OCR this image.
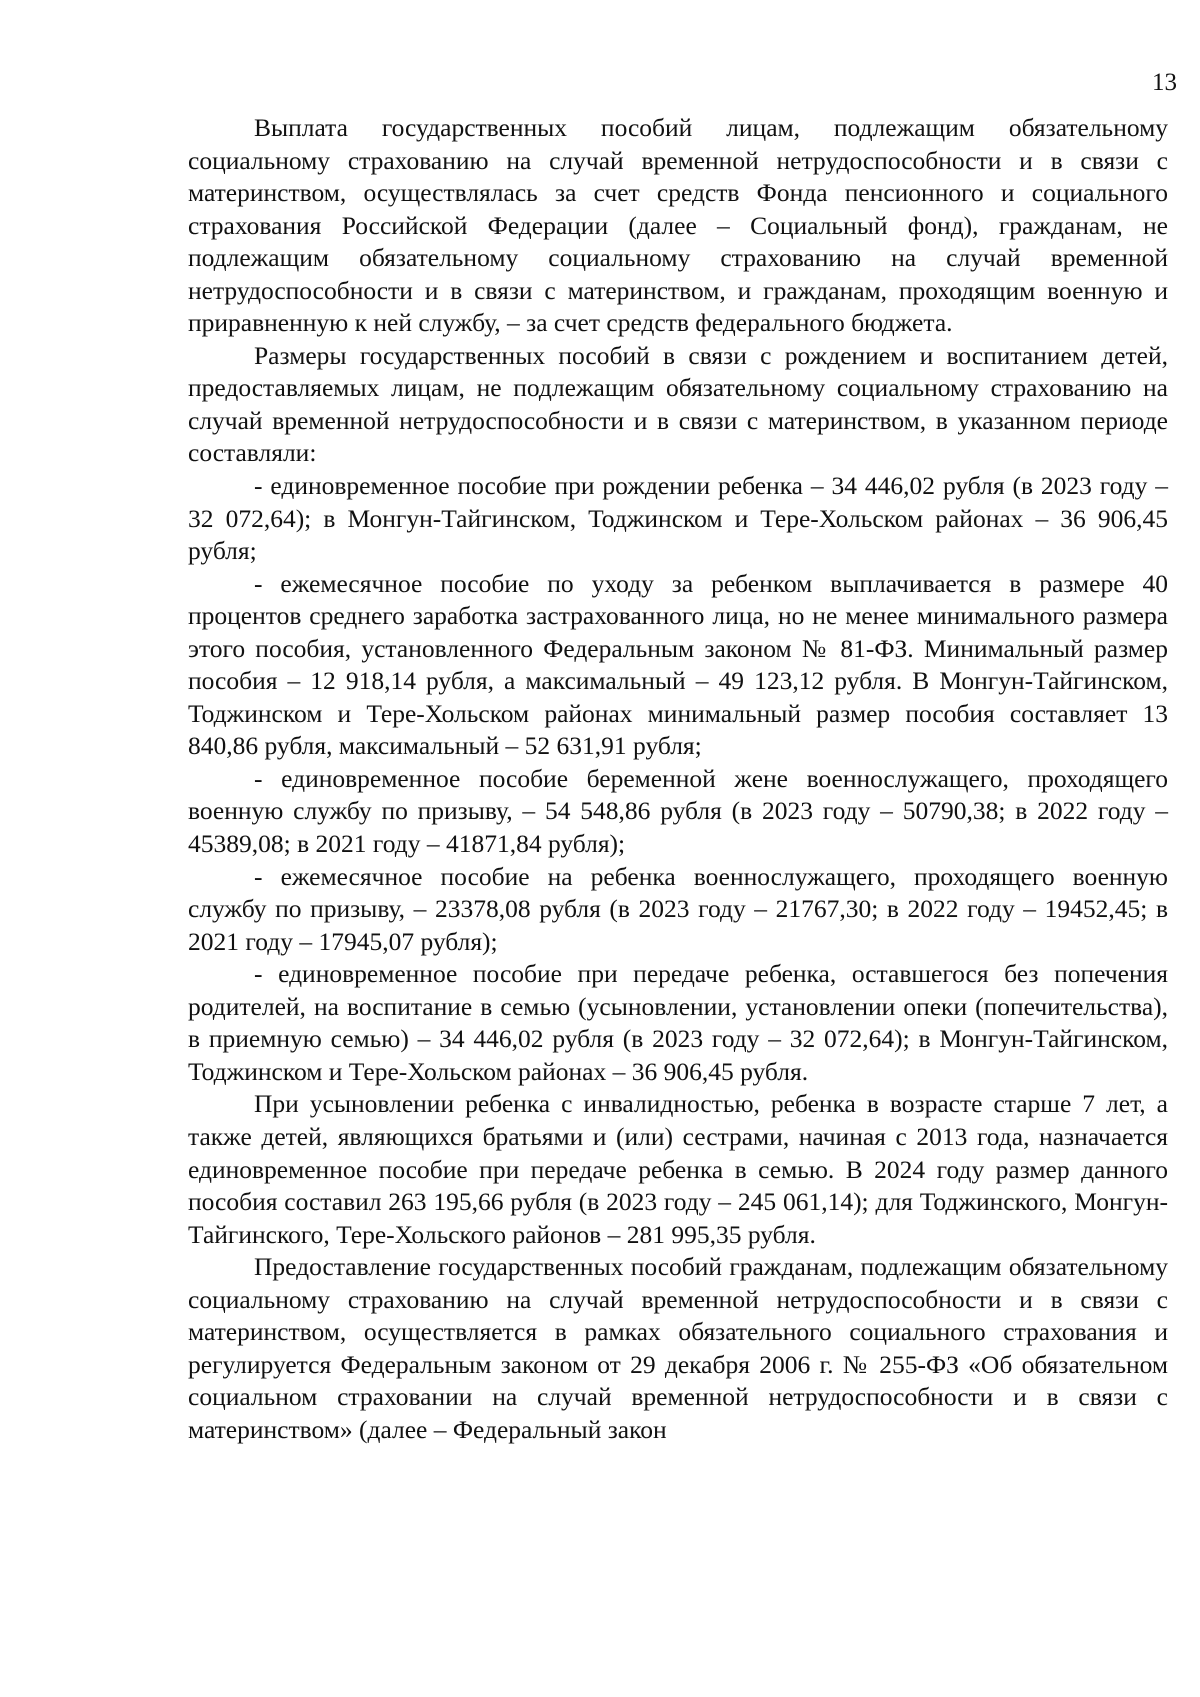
13

Выплата государственных пособий лицам, подлежащим обязательному социальному страхованию на случай временной нетрудоспособности и в связи с материнством, осуществлялась за счет средств Фонда пенсионного и социального страхования Российской Федерации (далее – Социальный фонд), гражданам, не подлежащим обязательному социальному страхованию на случай временной нетрудоспособности и в связи с материнством, и гражданам, проходящим военную и приравненную к ней службу, – за счет средств федерального бюджета.

Размеры государственных пособий в связи с рождением и воспитанием детей, предоставляемых лицам, не подлежащим обязательному социальному страхованию на случай временной нетрудоспособности и в связи с материнством, в указанном периоде составляли:

- единовременное пособие при рождении ребенка – 34 446,02 рубля (в 2023 году – 32 072,64); в Монгун-Тайгинском, Тоджинском и Тере-Хольском районах – 36 906,45 рубля;

- ежемесячное пособие по уходу за ребенком выплачивается в размере 40 процентов среднего заработка застрахованного лица, но не менее минимального размера этого пособия, установленного Федеральным законом № 81-ФЗ. Минимальный размер пособия – 12 918,14 рубля, а максимальный – 49 123,12 рубля. В Монгун-Тайгинском, Тоджинском и Тере-Хольском районах минимальный размер пособия составляет 13 840,86 рубля, максимальный – 52 631,91 рубля;

- единовременное пособие беременной жене военнослужащего, проходящего военную службу по призыву, – 54 548,86 рубля (в 2023 году – 50790,38; в 2022 году – 45389,08; в 2021 году – 41871,84 рубля);

- ежемесячное пособие на ребенка военнослужащего, проходящего военную службу по призыву, – 23378,08 рубля (в 2023 году – 21767,30; в 2022 году – 19452,45; в 2021 году – 17945,07 рубля);

- единовременное пособие при передаче ребенка, оставшегося без попечения родителей, на воспитание в семью (усыновлении, установлении опеки (попечительства), в приемную семью) – 34 446,02 рубля (в 2023 году – 32 072,64); в Монгун-Тайгинском, Тоджинском и Тере-Хольском районах – 36 906,45 рубля.

При усыновлении ребенка с инвалидностью, ребенка в возрасте старше 7 лет, а также детей, являющихся братьями и (или) сестрами, начиная с 2013 года, назначается единовременное пособие при передаче ребенка в семью. В 2024 году размер данного пособия составил 263 195,66 рубля (в 2023 году – 245 061,14); для Тоджинского, Монгун-Тайгинского, Тере-Хольского районов – 281 995,35 рубля.

Предоставление государственных пособий гражданам, подлежащим обязательному социальному страхованию на случай временной нетрудоспособности и в связи с материнством, осуществляется в рамках обязательного социального страхования и регулируется Федеральным законом от 29 декабря 2006 г. № 255-ФЗ «Об обязательном социальном страховании на случай временной нетрудоспособности и в связи с материнством» (далее – Федеральный закон
